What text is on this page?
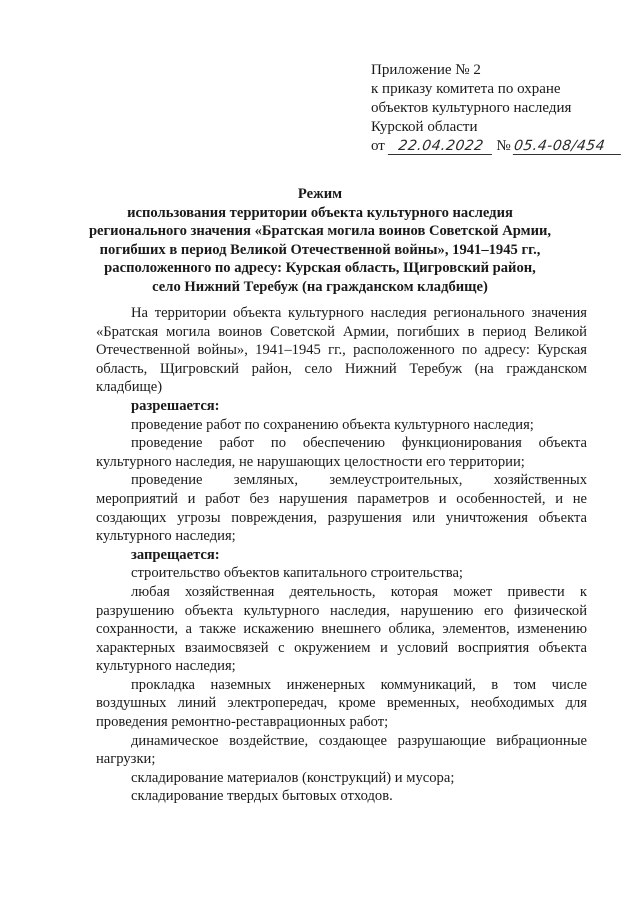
Приложение № 2
к приказу комитета по охране
объектов культурного наследия
Курской области
от 22.04.2022 № 05.4-08/454
Режим
использования территории объекта культурного наследия
регионального значения «Братская могила воинов Советской Армии,
погибших в период Великой Отечественной войны», 1941–1945 гг.,
расположенного по адресу: Курская область, Щигровский район,
село Нижний Теребуж (на гражданском кладбище)

На территории объекта культурного наследия регионального значения «Братская могила воинов Советской Армии, погибших в период Великой Отечественной войны», 1941–1945 гг., расположенного по адресу: Курская область, Щигровский район, село Нижний Теребуж (на гражданском кладбище)

разрешается:

проведение работ по сохранению объекта культурного наследия;

проведение работ по обеспечению функционирования объекта культурного наследия, не нарушающих целостности его территории;

проведение земляных, землеустроительных, хозяйственных мероприятий и работ без нарушения параметров и особенностей, и не создающих угрозы повреждения, разрушения или уничтожения объекта культурного наследия;

запрещается:

строительство объектов капитального строительства;

любая хозяйственная деятельность, которая может привести к разрушению объекта культурного наследия, нарушению его физической сохранности, а также искажению внешнего облика, элементов, изменению характерных взаимосвязей с окружением и условий восприятия объекта культурного наследия;

прокладка наземных инженерных коммуникаций, в том числе воздушных линий электропередач, кроме временных, необходимых для проведения ремонтно-реставрационных работ;

динамическое воздействие, создающее разрушающие вибрационные нагрузки;

складирование материалов (конструкций) и мусора;

складирование твердых бытовых отходов.
